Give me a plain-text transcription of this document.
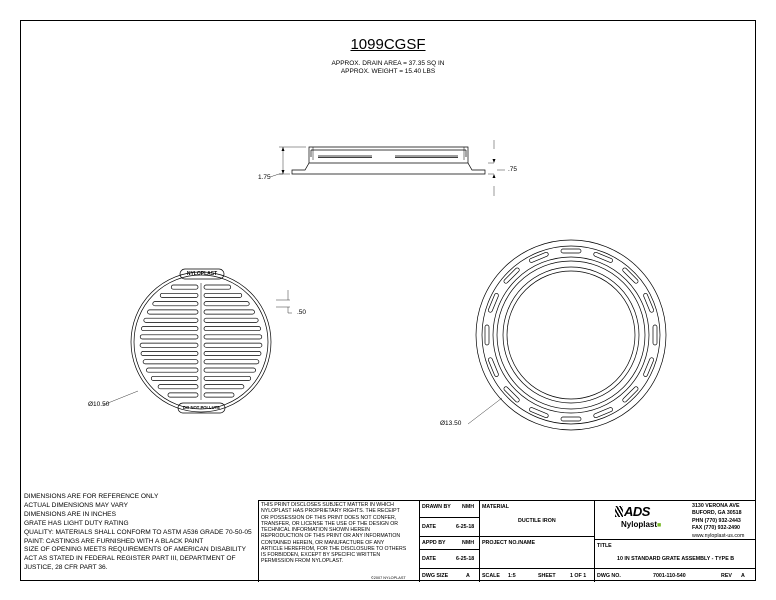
1099CGSF
APPROX. DRAIN AREA = 37.35 SQ IN
APPROX. WEIGHT = 15.40 LBS
1.75
.75
.50
Ø10.50
Ø13.50
NYLOPLAST
DO NOT POLLUTE
DIMENSIONS ARE FOR REFERENCE ONLY
ACTUAL DIMENSIONS MAY VARY
DIMENSIONS ARE IN INCHES
GRATE HAS LIGHT DUTY RATING
QUALITY: MATERIALS SHALL CONFORM TO ASTM A536 GRADE 70-50-05
PAINT: CASTINGS ARE FURNISHED WITH A BLACK PAINT
SIZE OF OPENING MEETS REQUIREMENTS OF AMERICAN DISABILITY
ACT AS STATED IN FEDERAL REGISTER PART III, DEPARTMENT OF
JUSTICE, 28 CFR PART 36.
THIS PRINT DISCLOSES SUBJECT MATTER IN WHICH
NYLOPLAST HAS PROPRIETARY RIGHTS. THE RECEIPT
OR POSSESSION OF THIS PRINT DOES NOT CONFER,
TRANSFER, OR LICENSE THE USE OF THE DESIGN OR
TECHNICAL INFORMATION SHOWN HEREIN
REPRODUCTION OF THIS PRINT OR ANY INFORMATION
CONTAINED HEREIN, OR MANUFACTURE OF ANY
ARTICLE HEREFROM, FOR THE DISCLOSURE TO OTHERS
IS FORBIDDEN, EXCEPT BY SPECIFIC WRITTEN
PERMISSION FROM NYLOPLAST.
©2007 NYLOPLAST
DRAWN BY NMH
DATE	6-25-18
APPD BY	NMH
DATE	6-25-18
DWG SIZE	A
MATERIAL
DUCTILE IRON
PROJECT NO./NAME
SCALE 1:5	SHEET	1 OF 1
ADS
Nyloplast■
3130 VERONA AVE
BUFORD, GA 30518
PHN (770) 932-2443
FAX (770) 932-2490
www.nyloplast-us.com
TITLE
10 IN STANDARD GRATE ASSEMBLY - TYPE B
DWG NO.	7001-110-540	REV A
